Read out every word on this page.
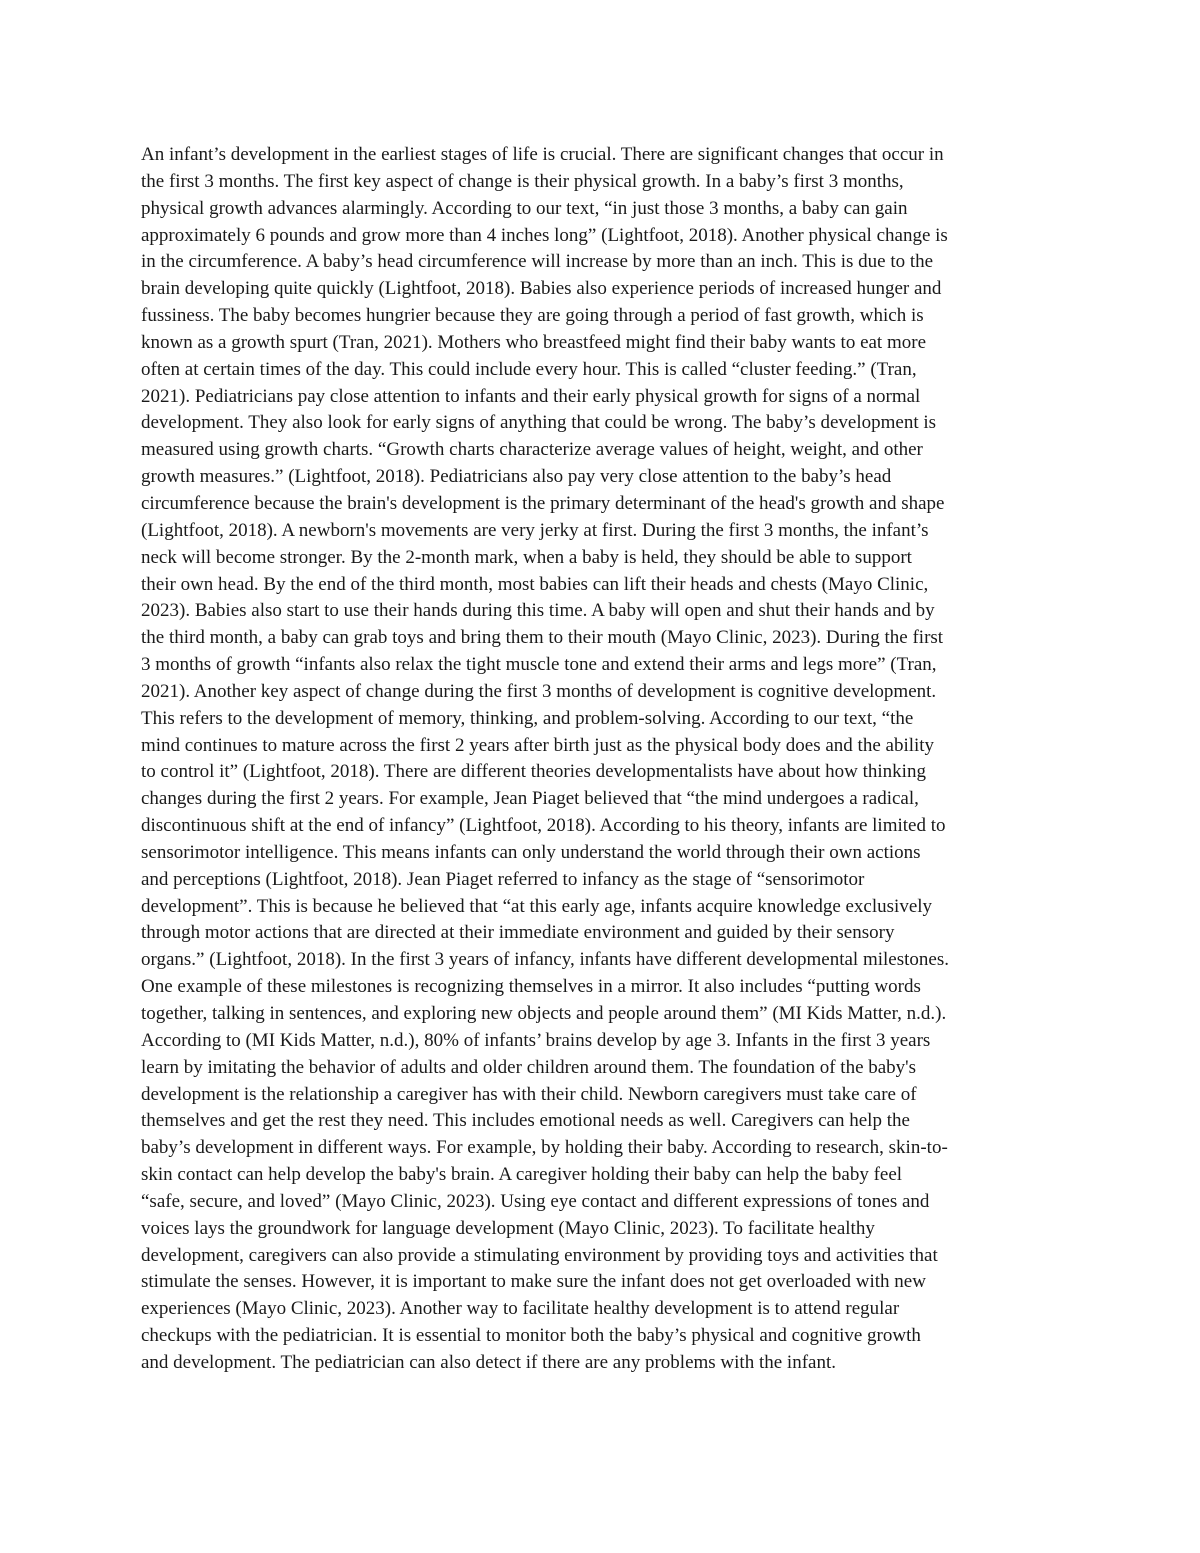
An infant’s development in the earliest stages of life is crucial. There are significant changes that occur in
the first 3 months. The first key aspect of change is their physical growth. In a baby’s first 3 months,
physical growth advances alarmingly. According to our text, “in just those 3 months, a baby can gain
approximately 6 pounds and grow more than 4 inches long” (Lightfoot, 2018). Another physical change is
in the circumference. A baby’s head circumference will increase by more than an inch. This is due to the
brain developing quite quickly (Lightfoot, 2018). Babies also experience periods of increased hunger and
fussiness. The baby becomes hungrier because they are going through a period of fast growth, which is
known as a growth spurt (Tran, 2021). Mothers who breastfeed might find their baby wants to eat more
often at certain times of the day. This could include every hour. This is called “cluster feeding.” (Tran,
2021). Pediatricians pay close attention to infants and their early physical growth for signs of a normal
development. They also look for early signs of anything that could be wrong. The baby’s development is
measured using growth charts. “Growth charts characterize average values of height, weight, and other
growth measures.” (Lightfoot, 2018). Pediatricians also pay very close attention to the baby’s head
circumference because the brain's development is the primary determinant of the head's growth and shape
(Lightfoot, 2018). A newborn's movements are very jerky at first. During the first 3 months, the infant’s
neck will become stronger. By the 2-month mark, when a baby is held, they should be able to support
their own head. By the end of the third month, most babies can lift their heads and chests (Mayo Clinic,
2023). Babies also start to use their hands during this time. A baby will open and shut their hands and by
the third month, a baby can grab toys and bring them to their mouth (Mayo Clinic, 2023). During the first
3 months of growth “infants also relax the tight muscle tone and extend their arms and legs more” (Tran,
2021). Another key aspect of change during the first 3 months of development is cognitive development.
This refers to the development of memory, thinking, and problem-solving. According to our text, “the
mind continues to mature across the first 2 years after birth just as the physical body does and the ability
to control it” (Lightfoot, 2018). There are different theories developmentalists have about how thinking
changes during the first 2 years. For example, Jean Piaget believed that “the mind undergoes a radical,
discontinuous shift at the end of infancy” (Lightfoot, 2018). According to his theory, infants are limited to
sensorimotor intelligence. This means infants can only understand the world through their own actions
and perceptions (Lightfoot, 2018). Jean Piaget referred to infancy as the stage of “sensorimotor
development”. This is because he believed that “at this early age, infants acquire knowledge exclusively
through motor actions that are directed at their immediate environment and guided by their sensory
organs.” (Lightfoot, 2018). In the first 3 years of infancy, infants have different developmental milestones.
One example of these milestones is recognizing themselves in a mirror. It also includes “putting words
together, talking in sentences, and exploring new objects and people around them” (MI Kids Matter, n.d.).
According to (MI Kids Matter, n.d.), 80% of infants’ brains develop by age 3. Infants in the first 3 years
learn by imitating the behavior of adults and older children around them. The foundation of the baby's
development is the relationship a caregiver has with their child. Newborn caregivers must take care of
themselves and get the rest they need. This includes emotional needs as well. Caregivers can help the
baby’s development in different ways. For example, by holding their baby. According to research, skin-to-
skin contact can help develop the baby's brain. A caregiver holding their baby can help the baby feel
“safe, secure, and loved” (Mayo Clinic, 2023). Using eye contact and different expressions of tones and
voices lays the groundwork for language development (Mayo Clinic, 2023). To facilitate healthy
development, caregivers can also provide a stimulating environment by providing toys and activities that
stimulate the senses. However, it is important to make sure the infant does not get overloaded with new
experiences (Mayo Clinic, 2023). Another way to facilitate healthy development is to attend regular
checkups with the pediatrician. It is essential to monitor both the baby’s physical and cognitive growth
and development. The pediatrician can also detect if there are any problems with the infant.
